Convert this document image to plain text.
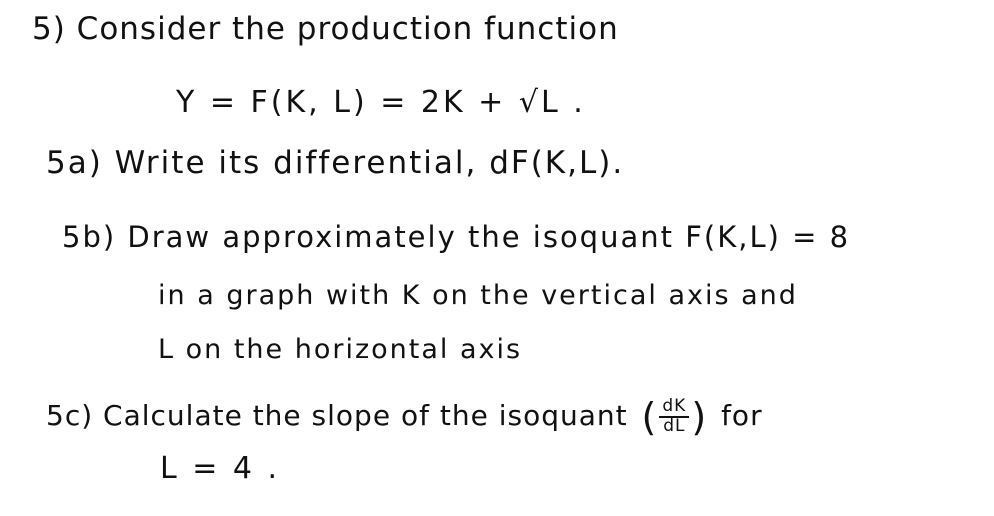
5) Consider the production function
Y = F(K, L) = 2K + √L .
5a) Write its differential, dF(K,L).
5b) Draw approximately the isoquant F(K,L) = 8
in a graph with K on the vertical axis and
L on the horizontal axis
5c) Calculate the slope of the isoquant ( $\frac{dK}{dL}$ ) for
L = 4 .
